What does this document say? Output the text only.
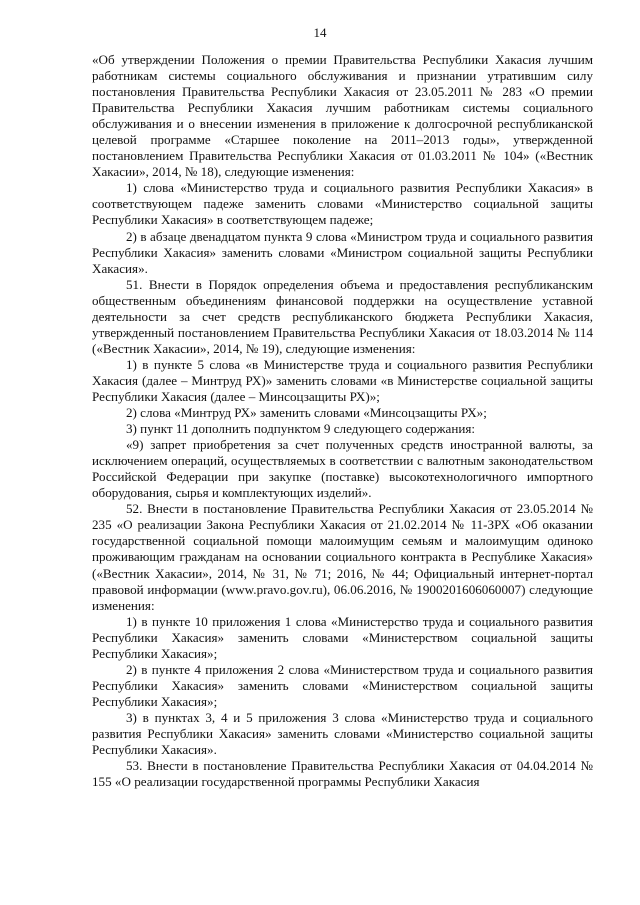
14

«Об утверждении Положения о премии Правительства Республики Хакасия лучшим работникам системы социального обслуживания и признании утратившим силу постановления Правительства Республики Хакасия от 23.05.2011 № 283 «О премии Правительства Республики Хакасия лучшим работникам системы социального обслуживания и о внесении изменения в приложение к долгосрочной республиканской целевой программе «Старшее поколение на 2011–2013 годы», утвержденной постановлением Правительства Республики Хакасия от 01.03.2011 № 104» («Вестник Хакасии», 2014, № 18), следующие изменения:

1) слова «Министерство труда и социального развития Республики Хакасия» в соответствующем падеже заменить словами «Министерство социальной защиты Республики Хакасия» в соответствующем падеже;

2) в абзаце двенадцатом пункта 9 слова «Министром труда и социального развития Республики Хакасия» заменить словами «Министром социальной защиты Республики Хакасия».

51. Внести в Порядок определения объема и предоставления республиканским общественным объединениям финансовой поддержки на осуществление уставной деятельности за счет средств республиканского бюджета Республики Хакасия, утвержденный постановлением Правительства Республики Хакасия от 18.03.2014 № 114 («Вестник Хакасии», 2014, № 19), следующие изменения:

1) в пункте 5 слова «в Министерстве труда и социального развития Республики Хакасия (далее – Минтруд РХ)» заменить словами «в Министерстве социальной защиты Республики Хакасия (далее – Минсоцзащиты РХ)»;

2) слова «Минтруд РХ» заменить словами «Минсоцзащиты РХ»;

3) пункт 11 дополнить подпунктом 9 следующего содержания:

«9) запрет приобретения за счет полученных средств иностранной валюты, за исключением операций, осуществляемых в соответствии с валютным законодательством Российской Федерации при закупке (поставке) высокотехнологичного импортного оборудования, сырья и комплектующих изделий».

52. Внести в постановление Правительства Республики Хакасия от 23.05.2014 № 235 «О реализации Закона Республики Хакасия от 21.02.2014 № 11-ЗРХ «Об оказании государственной социальной помощи малоимущим семьям и малоимущим одиноко проживающим гражданам на основании социального контракта в Республике Хакасия» («Вестник Хакасии», 2014, № 31, № 71; 2016, № 44; Официальный интернет-портал правовой информации (www.pravo.gov.ru), 06.06.2016, № 1900201606060007) следующие изменения:

1) в пункте 10 приложения 1 слова «Министерство труда и социального развития Республики Хакасия» заменить словами «Министерством социальной защиты Республики Хакасия»;

2) в пункте 4 приложения 2 слова «Министерством труда и социального развития Республики Хакасия» заменить словами «Министерством социальной защиты Республики Хакасия»;

3) в пунктах 3, 4 и 5 приложения 3 слова «Министерство труда и социального развития Республики Хакасия» заменить словами «Министерство социальной защиты Республики Хакасия».

53. Внести в постановление Правительства Республики Хакасия от 04.04.2014 № 155 «О реализации государственной программы Республики Хакасия
